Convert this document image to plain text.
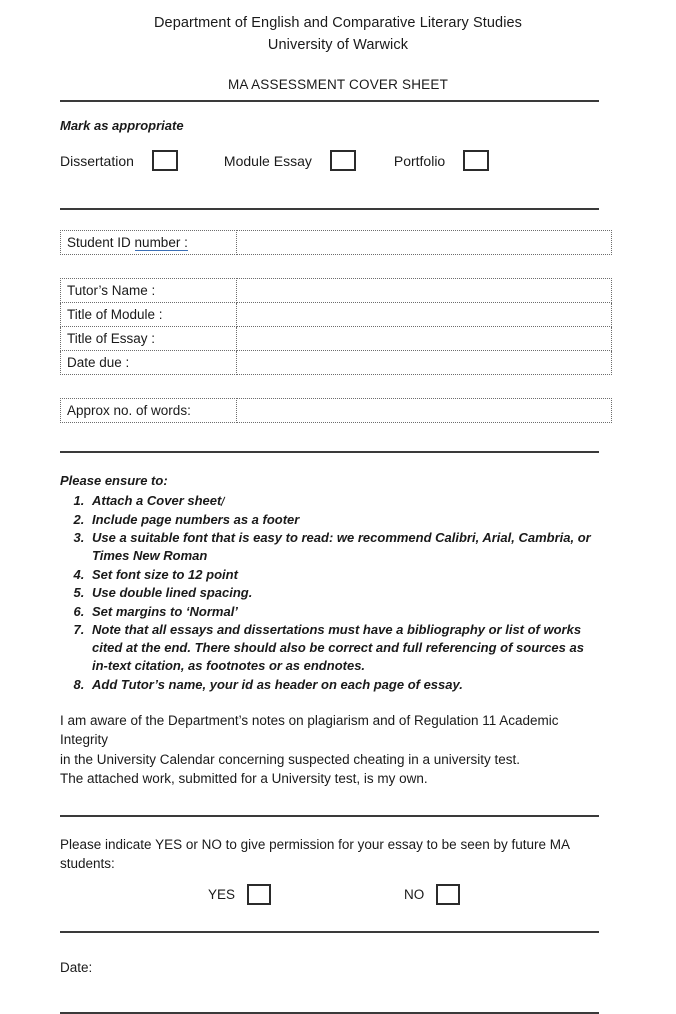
Department of English and Comparative Literary Studies
University of Warwick
MA ASSESSMENT COVER SHEET
Mark as appropriate
Dissertation	Module Essay	Portfolio
Student ID number :	
Tutor’s Name :	
Title of Module :	
Title of Essay :	
Date due :	
Approx no. of words:	
Please ensure to:
1. Attach a Cover sheet/
2. Include page numbers as a footer
3. Use a suitable font that is easy to read: we recommend Calibri, Arial, Cambria, or Times New Roman
4. Set font size to 12 point
5. Use double lined spacing.
6. Set margins to ‘Normal’
7. Note that all essays and dissertations must have a bibliography or list of works cited at the end. There should also be correct and full referencing of sources as in-text citation, as footnotes or as endnotes.
8. Add Tutor’s name, your id as header on each page of essay.
I am aware of the Department’s notes on plagiarism and of Regulation 11 Academic Integrity
in the University Calendar concerning suspected cheating in a university test.
The attached work, submitted for a University test, is my own.
Please indicate YES or NO to give permission for your essay to be seen by future MA students:
YES	NO
Date:
